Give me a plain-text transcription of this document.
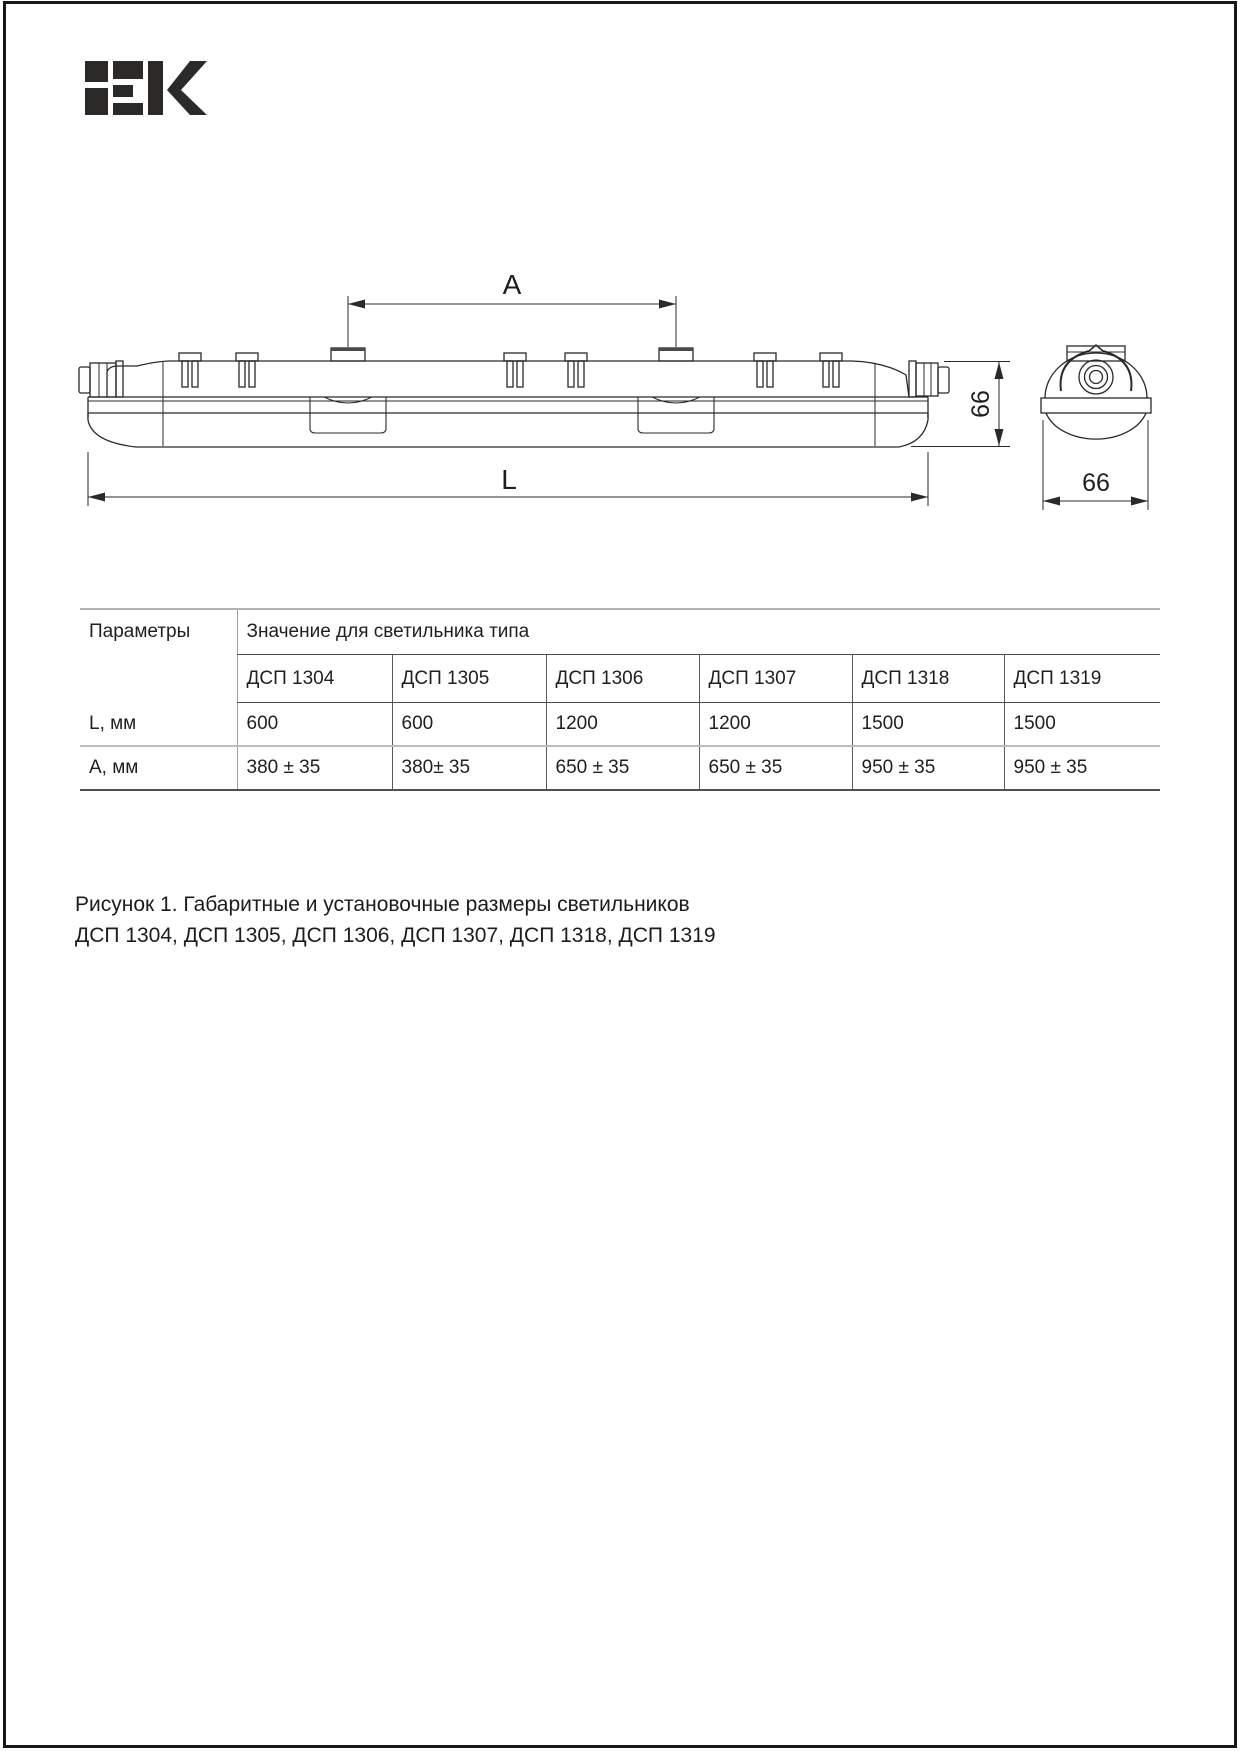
A
L
66
66
Параметры	Значение для светильника типа					
	ДСП 1304	ДСП 1305	ДСП 1306	ДСП 1307	ДСП 1318	ДСП 1319
L, мм	600	600	1200	1200	1500	1500
А, мм	380 ± 35	380± 35	650 ± 35	650 ± 35	950 ± 35	950 ± 35
Рисунок 1. Габаритные и установочные размеры светильников
ДСП 1304, ДСП 1305, ДСП 1306, ДСП 1307, ДСП 1318, ДСП 1319
